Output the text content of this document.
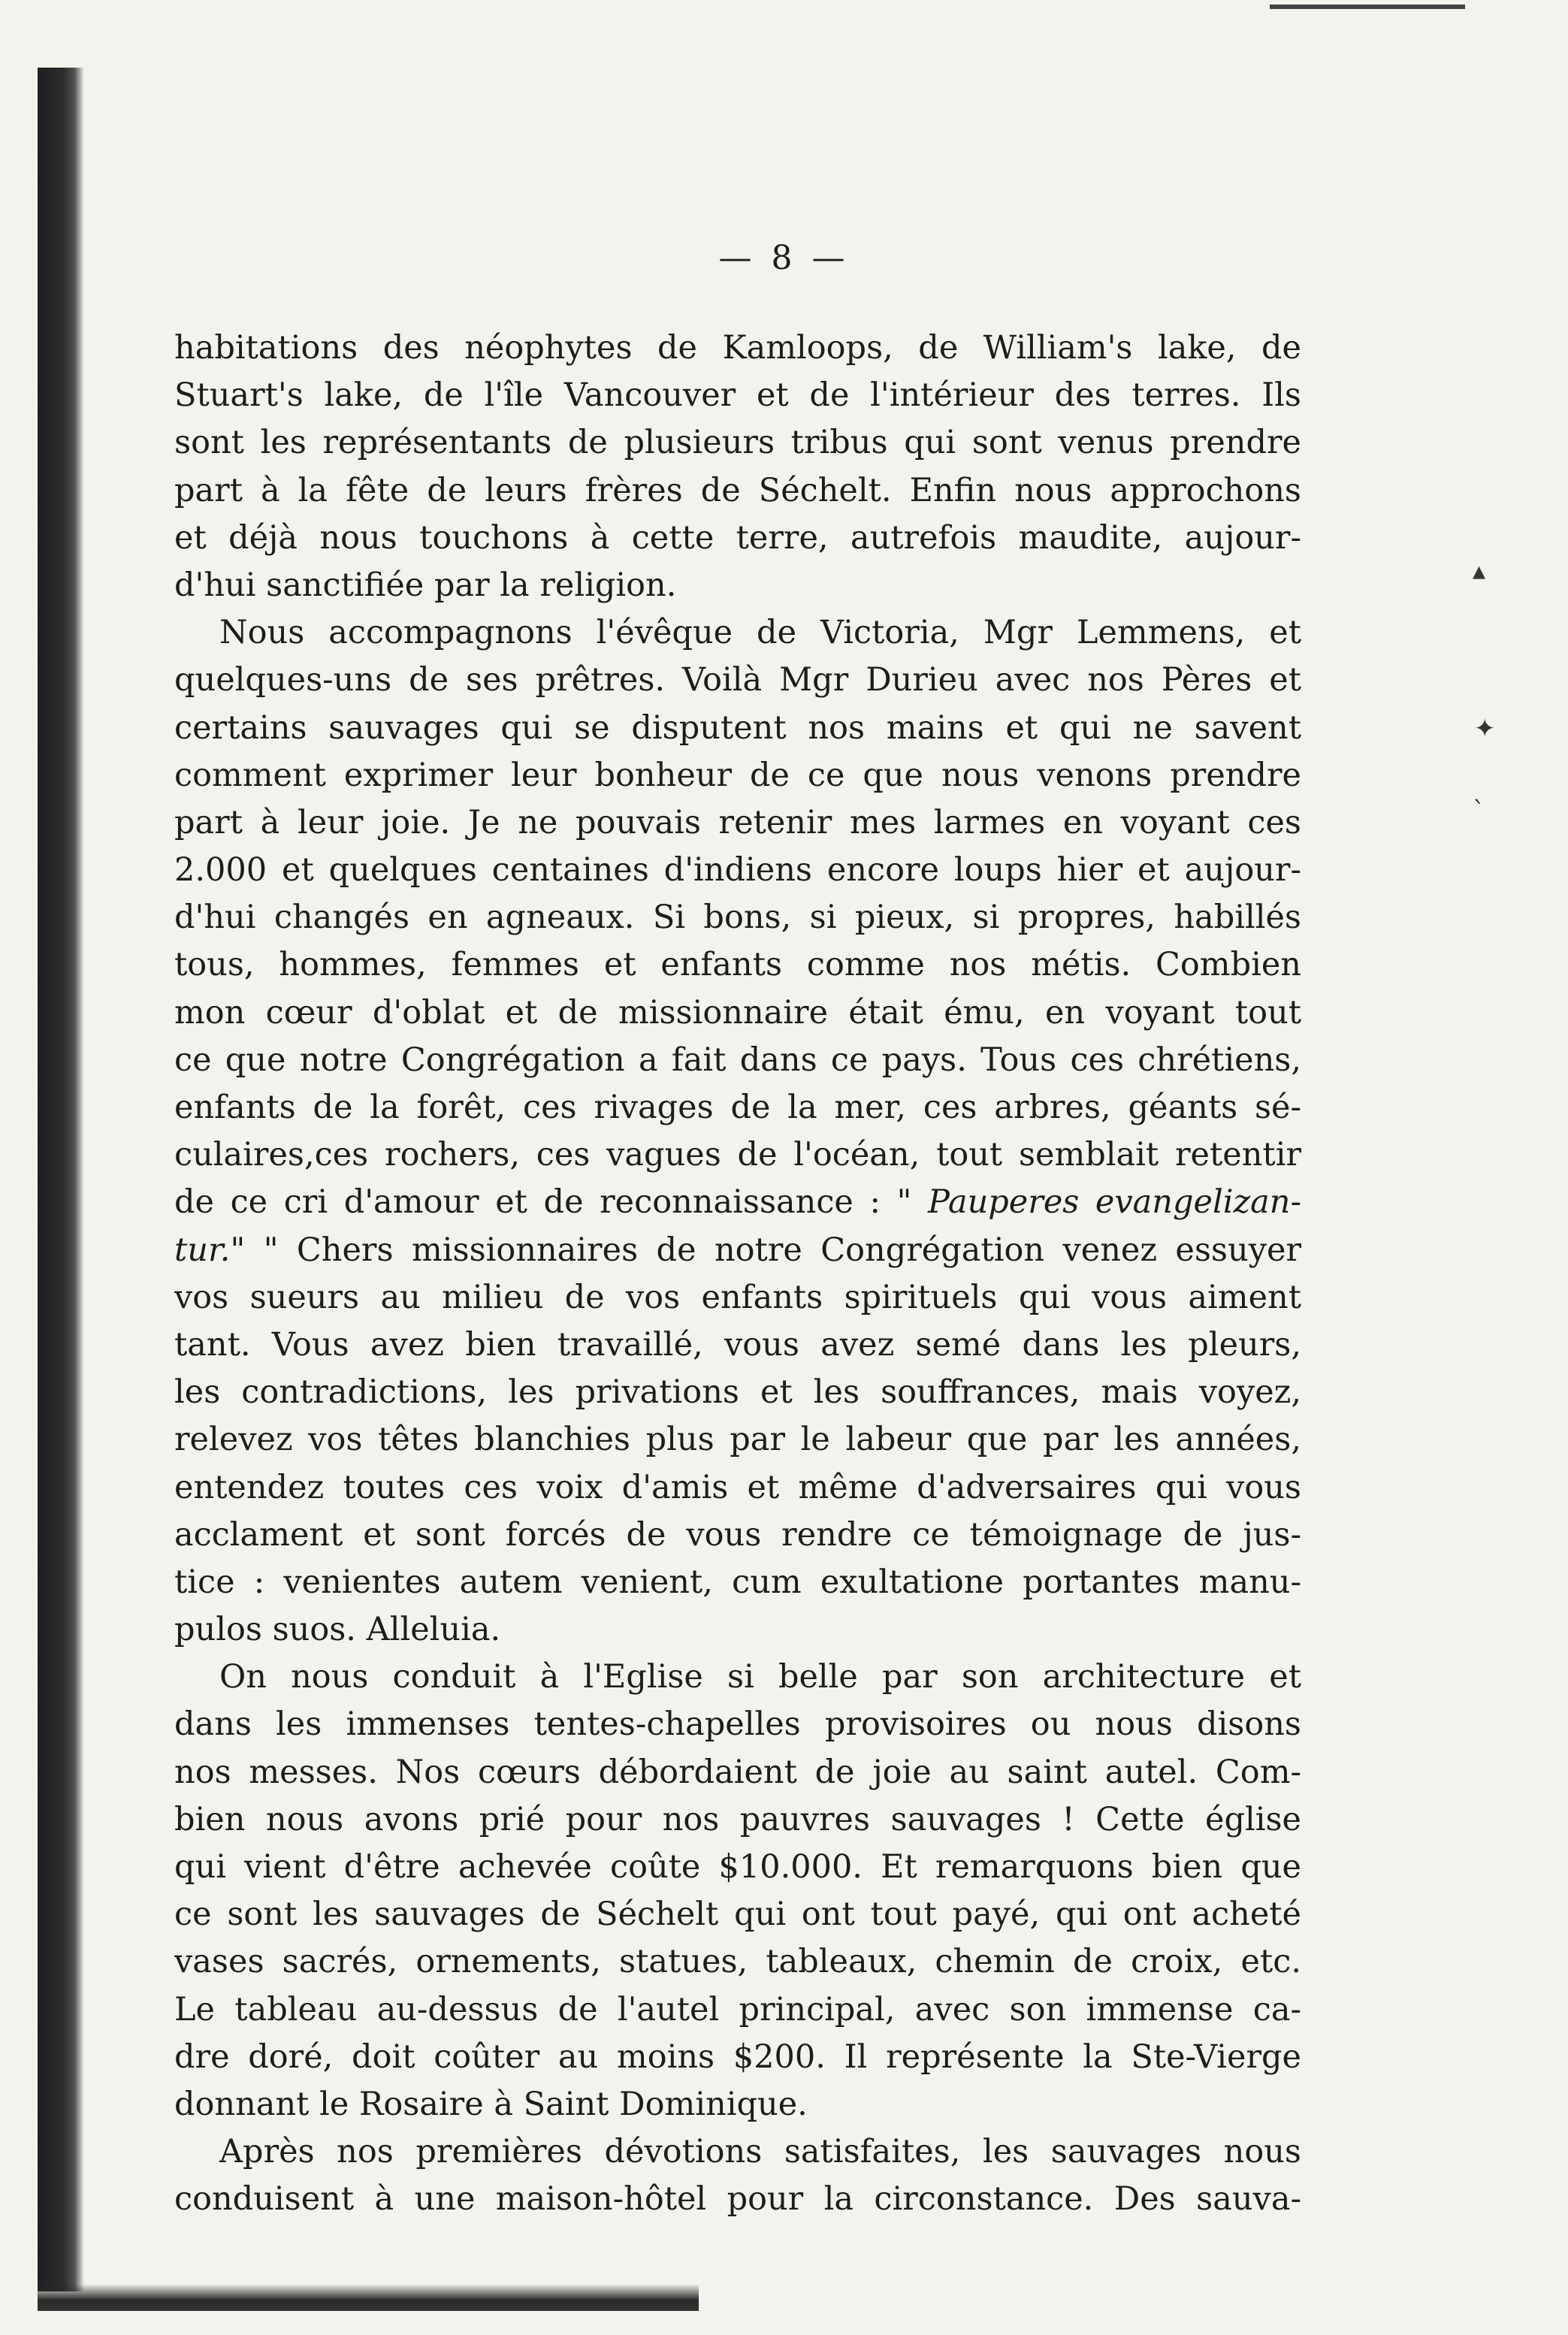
— 8 —
habitations des néophytes de Kamloops, de William's lake, de
Stuart's lake, de l'île Vancouver et de l'intérieur des terres. Ils
sont les représentants de plusieurs tribus qui sont venus prendre
part à la fête de leurs frères de Séchelt. Enfin nous approchons
et déjà nous touchons à cette terre, autrefois maudite, aujour-
d'hui sanctifiée par la religion.
Nous accompagnons l'évêque de Victoria, Mgr Lemmens, et
quelques-uns de ses prêtres. Voilà Mgr Durieu avec nos Pères et
certains sauvages qui se disputent nos mains et qui ne savent
comment exprimer leur bonheur de ce que nous venons prendre
part à leur joie. Je ne pouvais retenir mes larmes en voyant ces
2.000 et quelques centaines d'indiens encore loups hier et aujour-
d'hui changés en agneaux. Si bons, si pieux, si propres, habillés
tous, hommes, femmes et enfants comme nos métis. Combien
mon cœur d'oblat et de missionnaire était ému, en voyant tout
ce que notre Congrégation a fait dans ce pays. Tous ces chrétiens,
enfants de la forêt, ces rivages de la mer, ces arbres, géants sé-
culaires,ces rochers, ces vagues de l'océan, tout semblait retentir
de ce cri d'amour et de reconnaissance : " Pauperes evangelizan-
tur." " Chers missionnaires de notre Congrégation venez essuyer
vos sueurs au milieu de vos enfants spirituels qui vous aiment
tant. Vous avez bien travaillé, vous avez semé dans les pleurs,
les contradictions, les privations et les souffrances, mais voyez,
relevez vos têtes blanchies plus par le labeur que par les années,
entendez toutes ces voix d'amis et même d'adversaires qui vous
acclament et sont forcés de vous rendre ce témoignage de jus-
tice : venientes autem venient, cum exultatione portantes manu-
pulos suos. Alleluia.
On nous conduit à l'Eglise si belle par son architecture et
dans les immenses tentes-chapelles provisoires ou nous disons
nos messes. Nos cœurs débordaient de joie au saint autel. Com-
bien nous avons prié pour nos pauvres sauvages ! Cette église
qui vient d'être achevée coûte $10.000. Et remarquons bien que
ce sont les sauvages de Séchelt qui ont tout payé, qui ont acheté
vases sacrés, ornements, statues, tableaux, chemin de croix, etc.
Le tableau au-dessus de l'autel principal, avec son immense ca-
dre doré, doit coûter au moins $200. Il représente la Ste-Vierge
donnant le Rosaire à Saint Dominique.
Après nos premières dévotions satisfaites, les sauvages nous
conduisent à une maison-hôtel pour la circonstance. Des sauva-
▴
✦
`
